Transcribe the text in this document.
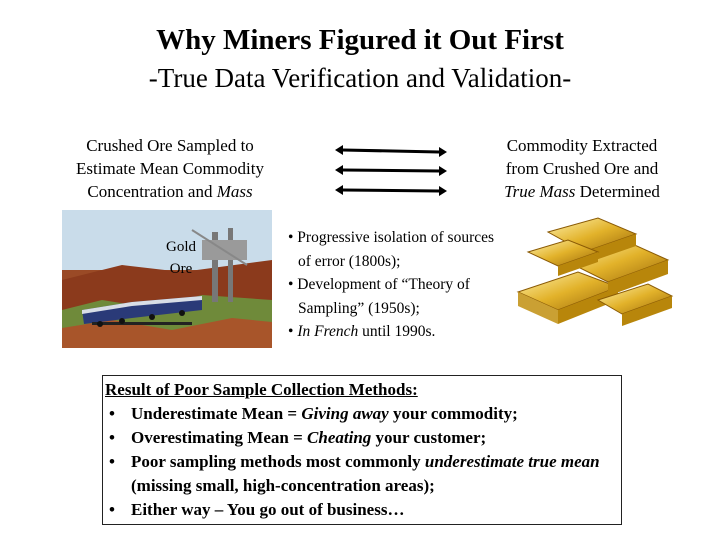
Why Miners Figured it Out First
-True Data Verification and Validation-
Crushed Ore Sampled to
Estimate Mean Commodity
Concentration and Mass
Commodity Extracted
from Crushed Ore and
True Mass Determined
Gold
Ore
• Progressive isolation of sources of error (1800s);
• Development of “Theory of Sampling” (1950s);
• In French until 1990s.
Result of Poor Sample Collection Methods:
• Underestimate Mean = Giving away your commodity;
• Overestimating Mean = Cheating your customer;
• Poor sampling methods most commonly underestimate true mean (missing small, high-concentration areas);
• Either way – You go out of business…
